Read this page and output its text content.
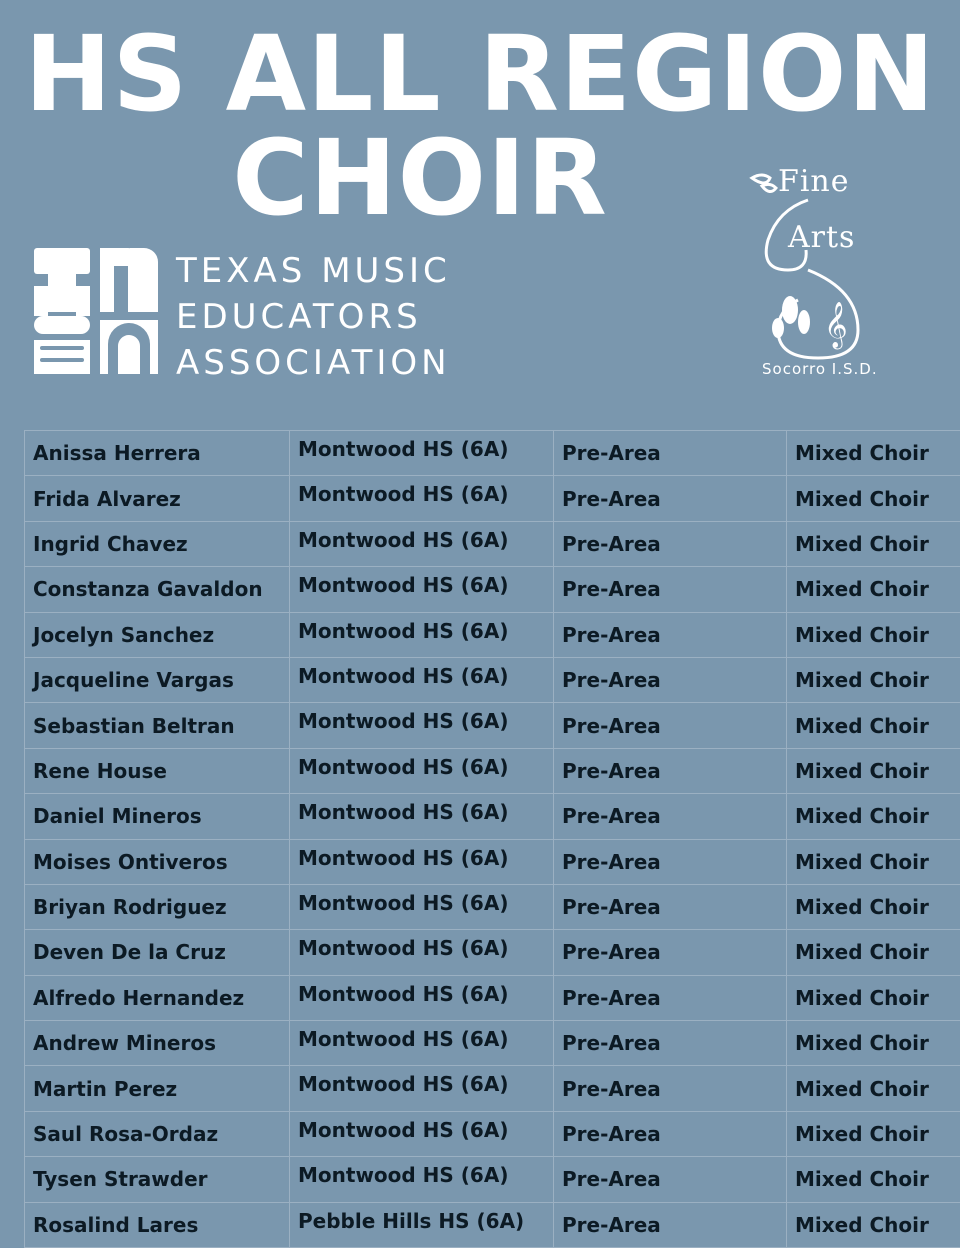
HS ALL REGION
CHOIR
TEXAS MUSIC
EDUCATORS
ASSOCIATION
𝄞
Fine
Arts
Socorro I.S.D.
Anissa Herrera	Montwood HS (6A)	Pre-Area	Mixed Choir
Frida Alvarez	Montwood HS (6A)	Pre-Area	Mixed Choir
Ingrid Chavez	Montwood HS (6A)	Pre-Area	Mixed Choir
Constanza Gavaldon	Montwood HS (6A)	Pre-Area	Mixed Choir
Jocelyn Sanchez	Montwood HS (6A)	Pre-Area	Mixed Choir
Jacqueline Vargas	Montwood HS (6A)	Pre-Area	Mixed Choir
Sebastian Beltran	Montwood HS (6A)	Pre-Area	Mixed Choir
Rene House	Montwood HS (6A)	Pre-Area	Mixed Choir
Daniel Mineros	Montwood HS (6A)	Pre-Area	Mixed Choir
Moises Ontiveros	Montwood HS (6A)	Pre-Area	Mixed Choir
Briyan Rodriguez	Montwood HS (6A)	Pre-Area	Mixed Choir
Deven De la Cruz	Montwood HS (6A)	Pre-Area	Mixed Choir
Alfredo Hernandez	Montwood HS (6A)	Pre-Area	Mixed Choir
Andrew Mineros	Montwood HS (6A)	Pre-Area	Mixed Choir
Martin Perez	Montwood HS (6A)	Pre-Area	Mixed Choir
Saul Rosa-Ordaz	Montwood HS (6A)	Pre-Area	Mixed Choir
Tysen Strawder	Montwood HS (6A)	Pre-Area	Mixed Choir
Rosalind Lares	Pebble Hills HS (6A)	Pre-Area	Mixed Choir
